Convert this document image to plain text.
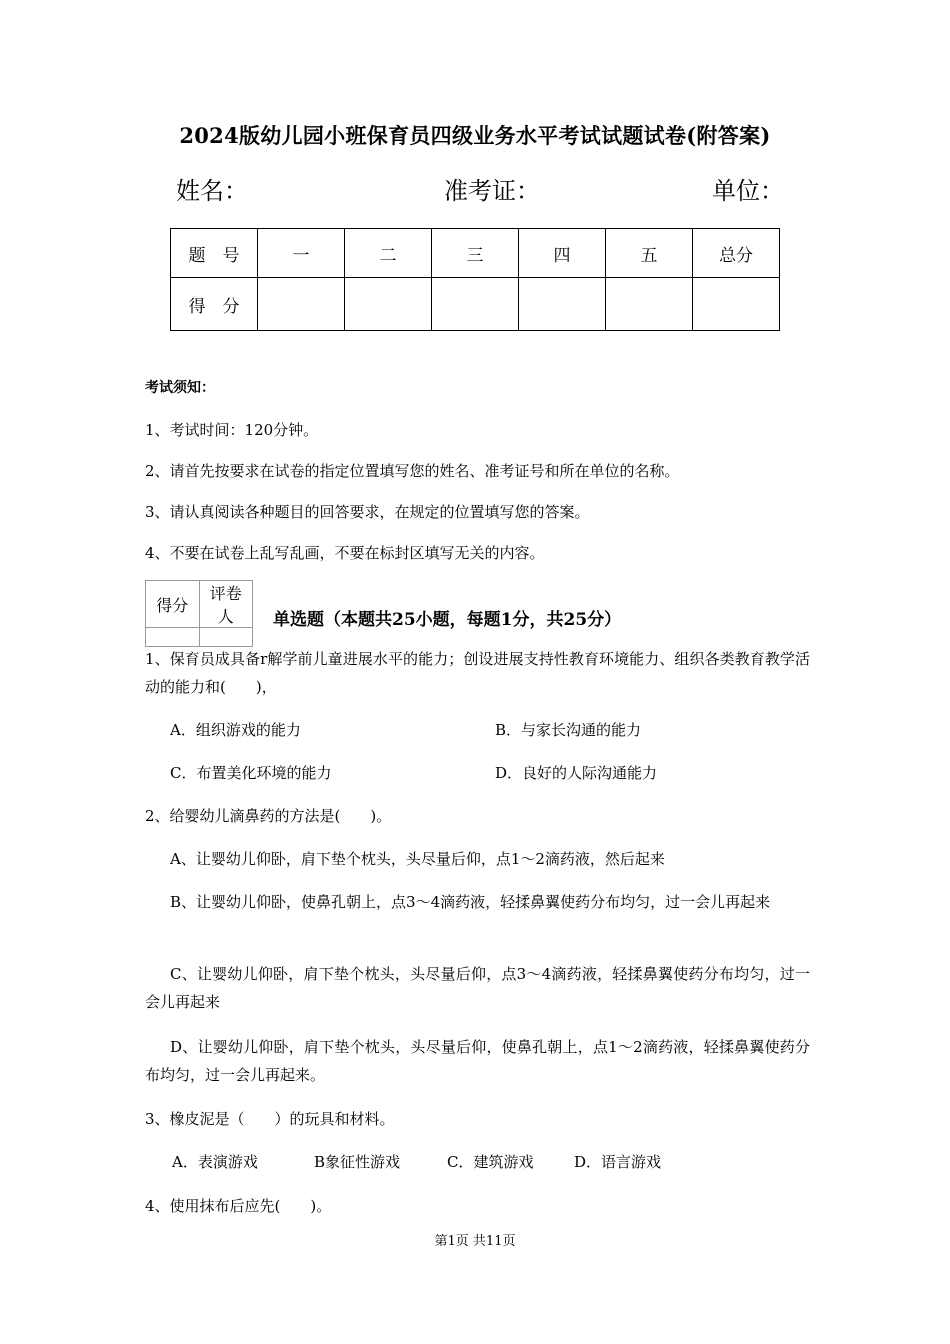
2024版幼儿园小班保育员四级业务水平考试试题试卷(附答案)
姓名：	准考证：	单位：
题　号	一	二	三	四	五	总分
得　分						
考试须知：
1、考试时间：120分钟。
2、请首先按要求在试卷的指定位置填写您的姓名、准考证号和所在单位的名称。
3、请认真阅读各种题目的回答要求，在规定的位置填写您的答案。
4、不要在试卷上乱写乱画，不要在标封区填写无关的内容。
得分	评卷人
	单选题（本题共25小题，每题1分，共25分）
1、保育员成具备r解学前儿童进展水平的能力；创设进展支持性教育环境能力、组织各类教育教学活动的能力和(　　)，
A．组织游戏的能力	B．与家长沟通的能力
C．布置美化环境的能力	D．良好的人际沟通能力
2、给婴幼儿滴鼻药的方法是(　　)。
A、让婴幼儿仰卧，肩下垫个枕头，头尽量后仰，点1～2滴药液，然后起来
B、让婴幼儿仰卧，使鼻孔朝上，点3～4滴药液，轻揉鼻翼使药分布均匀，过一会儿再起来
C、让婴幼儿仰卧，肩下垫个枕头，头尽量后仰，点3～4滴药液，轻揉鼻翼使药分布均匀，过一会儿再起来
D、让婴幼儿仰卧，肩下垫个枕头，头尽量后仰，使鼻孔朝上，点1～2滴药液，轻揉鼻翼使药分布均匀，过一会儿再起来。
3、橡皮泥是（　　）的玩具和材料。
A．表演游戏	B象征性游戏	C．建筑游戏	D．语言游戏
4、使用抹布后应先(　　)。
第1页 共11页
